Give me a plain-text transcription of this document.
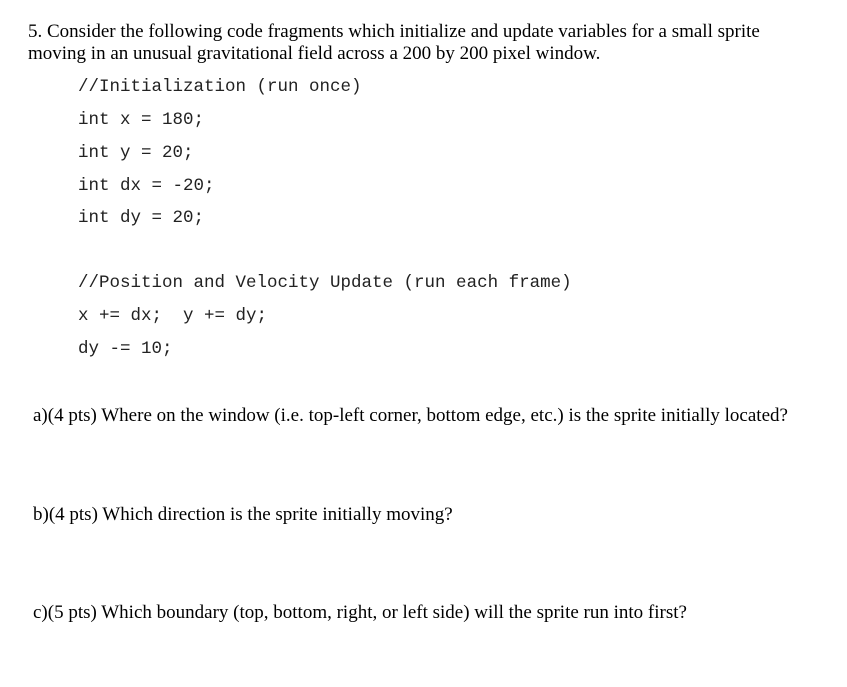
5. Consider the following code fragments which initialize and update variables for a small sprite
moving in an unusual gravitational field across a 200 by 200 pixel window.
//Initialization (run once)
int x = 180;
int y = 20;
int dx = -20;
int dy = 20;
//Position and Velocity Update (run each frame)
x += dx;  y += dy;
dy -= 10;
a)(4 pts) Where on the window (i.e. top-left corner, bottom edge, etc.) is the sprite initially located?
b)(4 pts) Which direction is the sprite initially moving?
c)(5 pts) Which boundary (top, bottom, right, or left side) will the sprite run into first?
